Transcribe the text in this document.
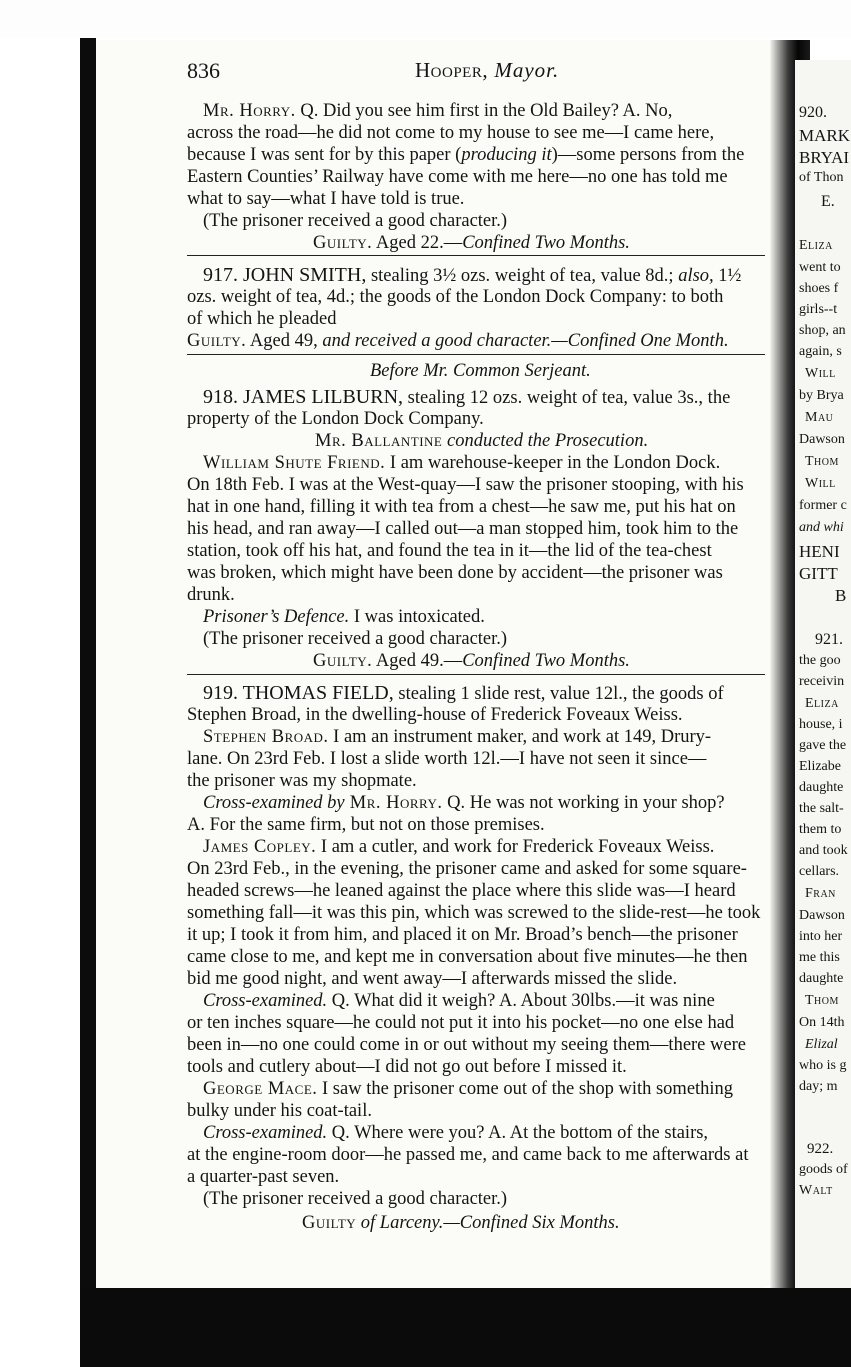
920.
MARK
BRYAI
of Thon
E.
Eliza
went to
shoes f
girls--t
shop, an
again, s
Will
by Brya
Mau
Dawson
Thom
Will
former c
and whi
HENI
GITT
B
921.
the goo
receivin
Eliza
house, i
gave the
Elizabe
daughte
the salt-
them to
and took
cellars.
Fran
Dawson
into her
me this
daughte
Thom
On 14th
Elizal
who is g
day; m
922.
goods of
Walt
836	Hooper, Mayor.
Mr. Horry. Q. Did you see him first in the Old Bailey? A. No,
across the road—he did not come to my house to see me—I came here,
because I was sent for by this paper (producing it)—some persons from the
Eastern Counties’ Railway have come with me here—no one has told me
what to say—what I have told is true.
(The prisoner received a good character.)
Guilty. Aged 22.—Confined Two Months.
917. JOHN SMITH, stealing 3½ ozs. weight of tea, value 8d.; also, 1½
ozs. weight of tea, 4d.; the goods of the London Dock Company: to both
of which he pleaded
Guilty. Aged 49, and received a good character.—Confined One Month.
Before Mr. Common Serjeant.
918. JAMES LILBURN, stealing 12 ozs. weight of tea, value 3s., the
property of the London Dock Company.
Mr. Ballantine conducted the Prosecution.
William Shute Friend. I am warehouse-keeper in the London Dock.
On 18th Feb. I was at the West-quay—I saw the prisoner stooping, with his
hat in one hand, filling it with tea from a chest—he saw me, put his hat on
his head, and ran away—I called out—a man stopped him, took him to the
station, took off his hat, and found the tea in it—the lid of the tea-chest
was broken, which might have been done by accident—the prisoner was
drunk.
Prisoner’s Defence. I was intoxicated.
(The prisoner received a good character.)
Guilty. Aged 49.—Confined Two Months.
919. THOMAS FIELD, stealing 1 slide rest, value 12l., the goods of
Stephen Broad, in the dwelling-house of Frederick Foveaux Weiss.
Stephen Broad. I am an instrument maker, and work at 149, Drury-
lane. On 23rd Feb. I lost a slide worth 12l.—I have not seen it since—
the prisoner was my shopmate.
Cross-examined by Mr. Horry. Q. He was not working in your shop?
A. For the same firm, but not on those premises.
James Copley. I am a cutler, and work for Frederick Foveaux Weiss.
On 23rd Feb., in the evening, the prisoner came and asked for some square-
headed screws—he leaned against the place where this slide was—I heard
something fall—it was this pin, which was screwed to the slide-rest—he took
it up; I took it from him, and placed it on Mr. Broad’s bench—the prisoner
came close to me, and kept me in conversation about five minutes—he then
bid me good night, and went away—I afterwards missed the slide.
Cross-examined. Q. What did it weigh? A. About 30lbs.—it was nine
or ten inches square—he could not put it into his pocket—no one else had
been in—no one could come in or out without my seeing them—there were
tools and cutlery about—I did not go out before I missed it.
George Mace. I saw the prisoner come out of the shop with something
bulky under his coat-tail.
Cross-examined. Q. Where were you? A. At the bottom of the stairs,
at the engine-room door—he passed me, and came back to me afterwards at
a quarter-past seven.
(The prisoner received a good character.)
Guilty of Larceny.—Confined Six Months.
